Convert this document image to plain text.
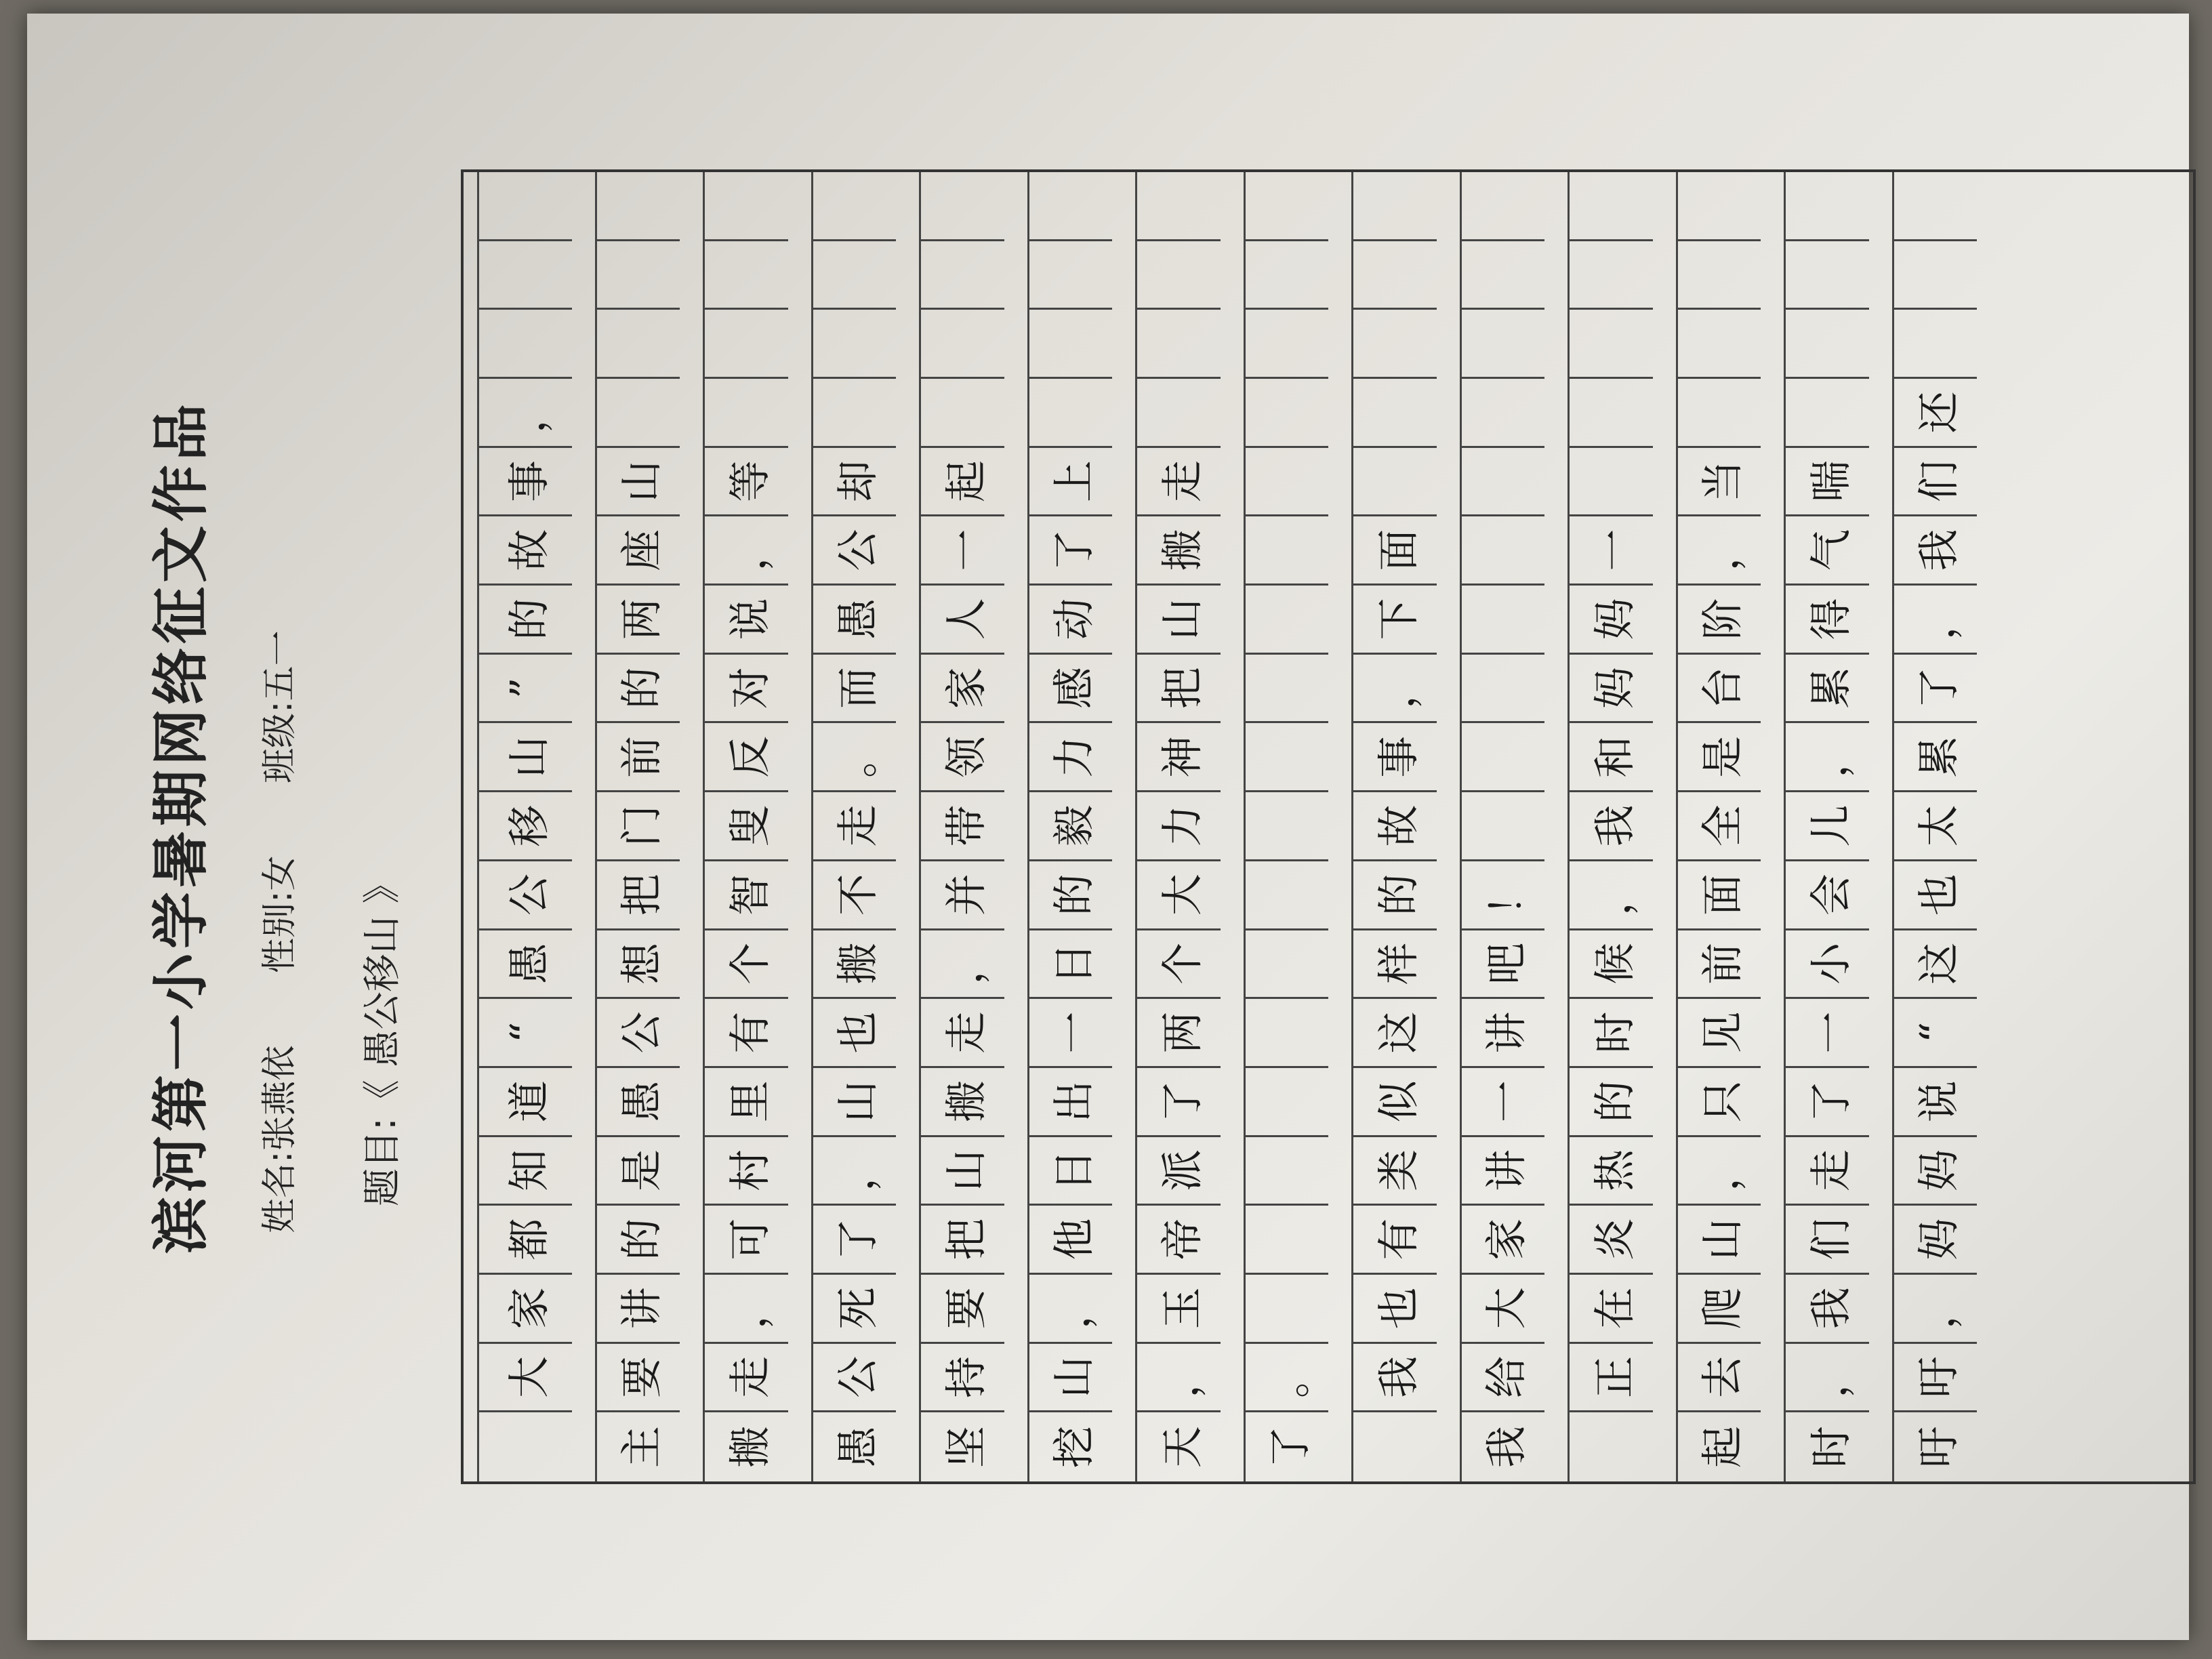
滨河第一小学暑期网络征文作品 姓名:张燕依 性别:女 班级:五一
题目:《 愚公移山 》
大
家
都
知
道
“
愚
公
移
山
”
的
故
事
，
主
要
讲
的
是
愚
公
想
把
门
前
的
两
座
山
搬
走
，
可
村
里
有
个
智
叟
反
对
说
，
等
愚
公
死
了
，
山
也
搬
不
走
。
而
愚
公
却
坚
持
要
把
山
搬
走
，
并
带
领
家
人
一
起
挖
山
，
他
日
出
一
日
的
毅
力
感
动
了
上
天
，
玉
帝
派
了
两
个
大
力
神
把
山
搬
走
了
。	我
也
有
类
似
这
样
的
故
事
，
下
面
我
给
大
家
讲
一
讲
吧
！
正
在
炎
热
的
时
候
，
我
和
妈
妈
一
起
去
爬
山
，
只
见
前
面
全
是
台
阶
，
当
时
，
我
们
走
了
一
小
会
儿
，
累
得
气
喘
吁
吁
，
妈
妈
说
“
这
也
太
累
了
，
我
们
还
